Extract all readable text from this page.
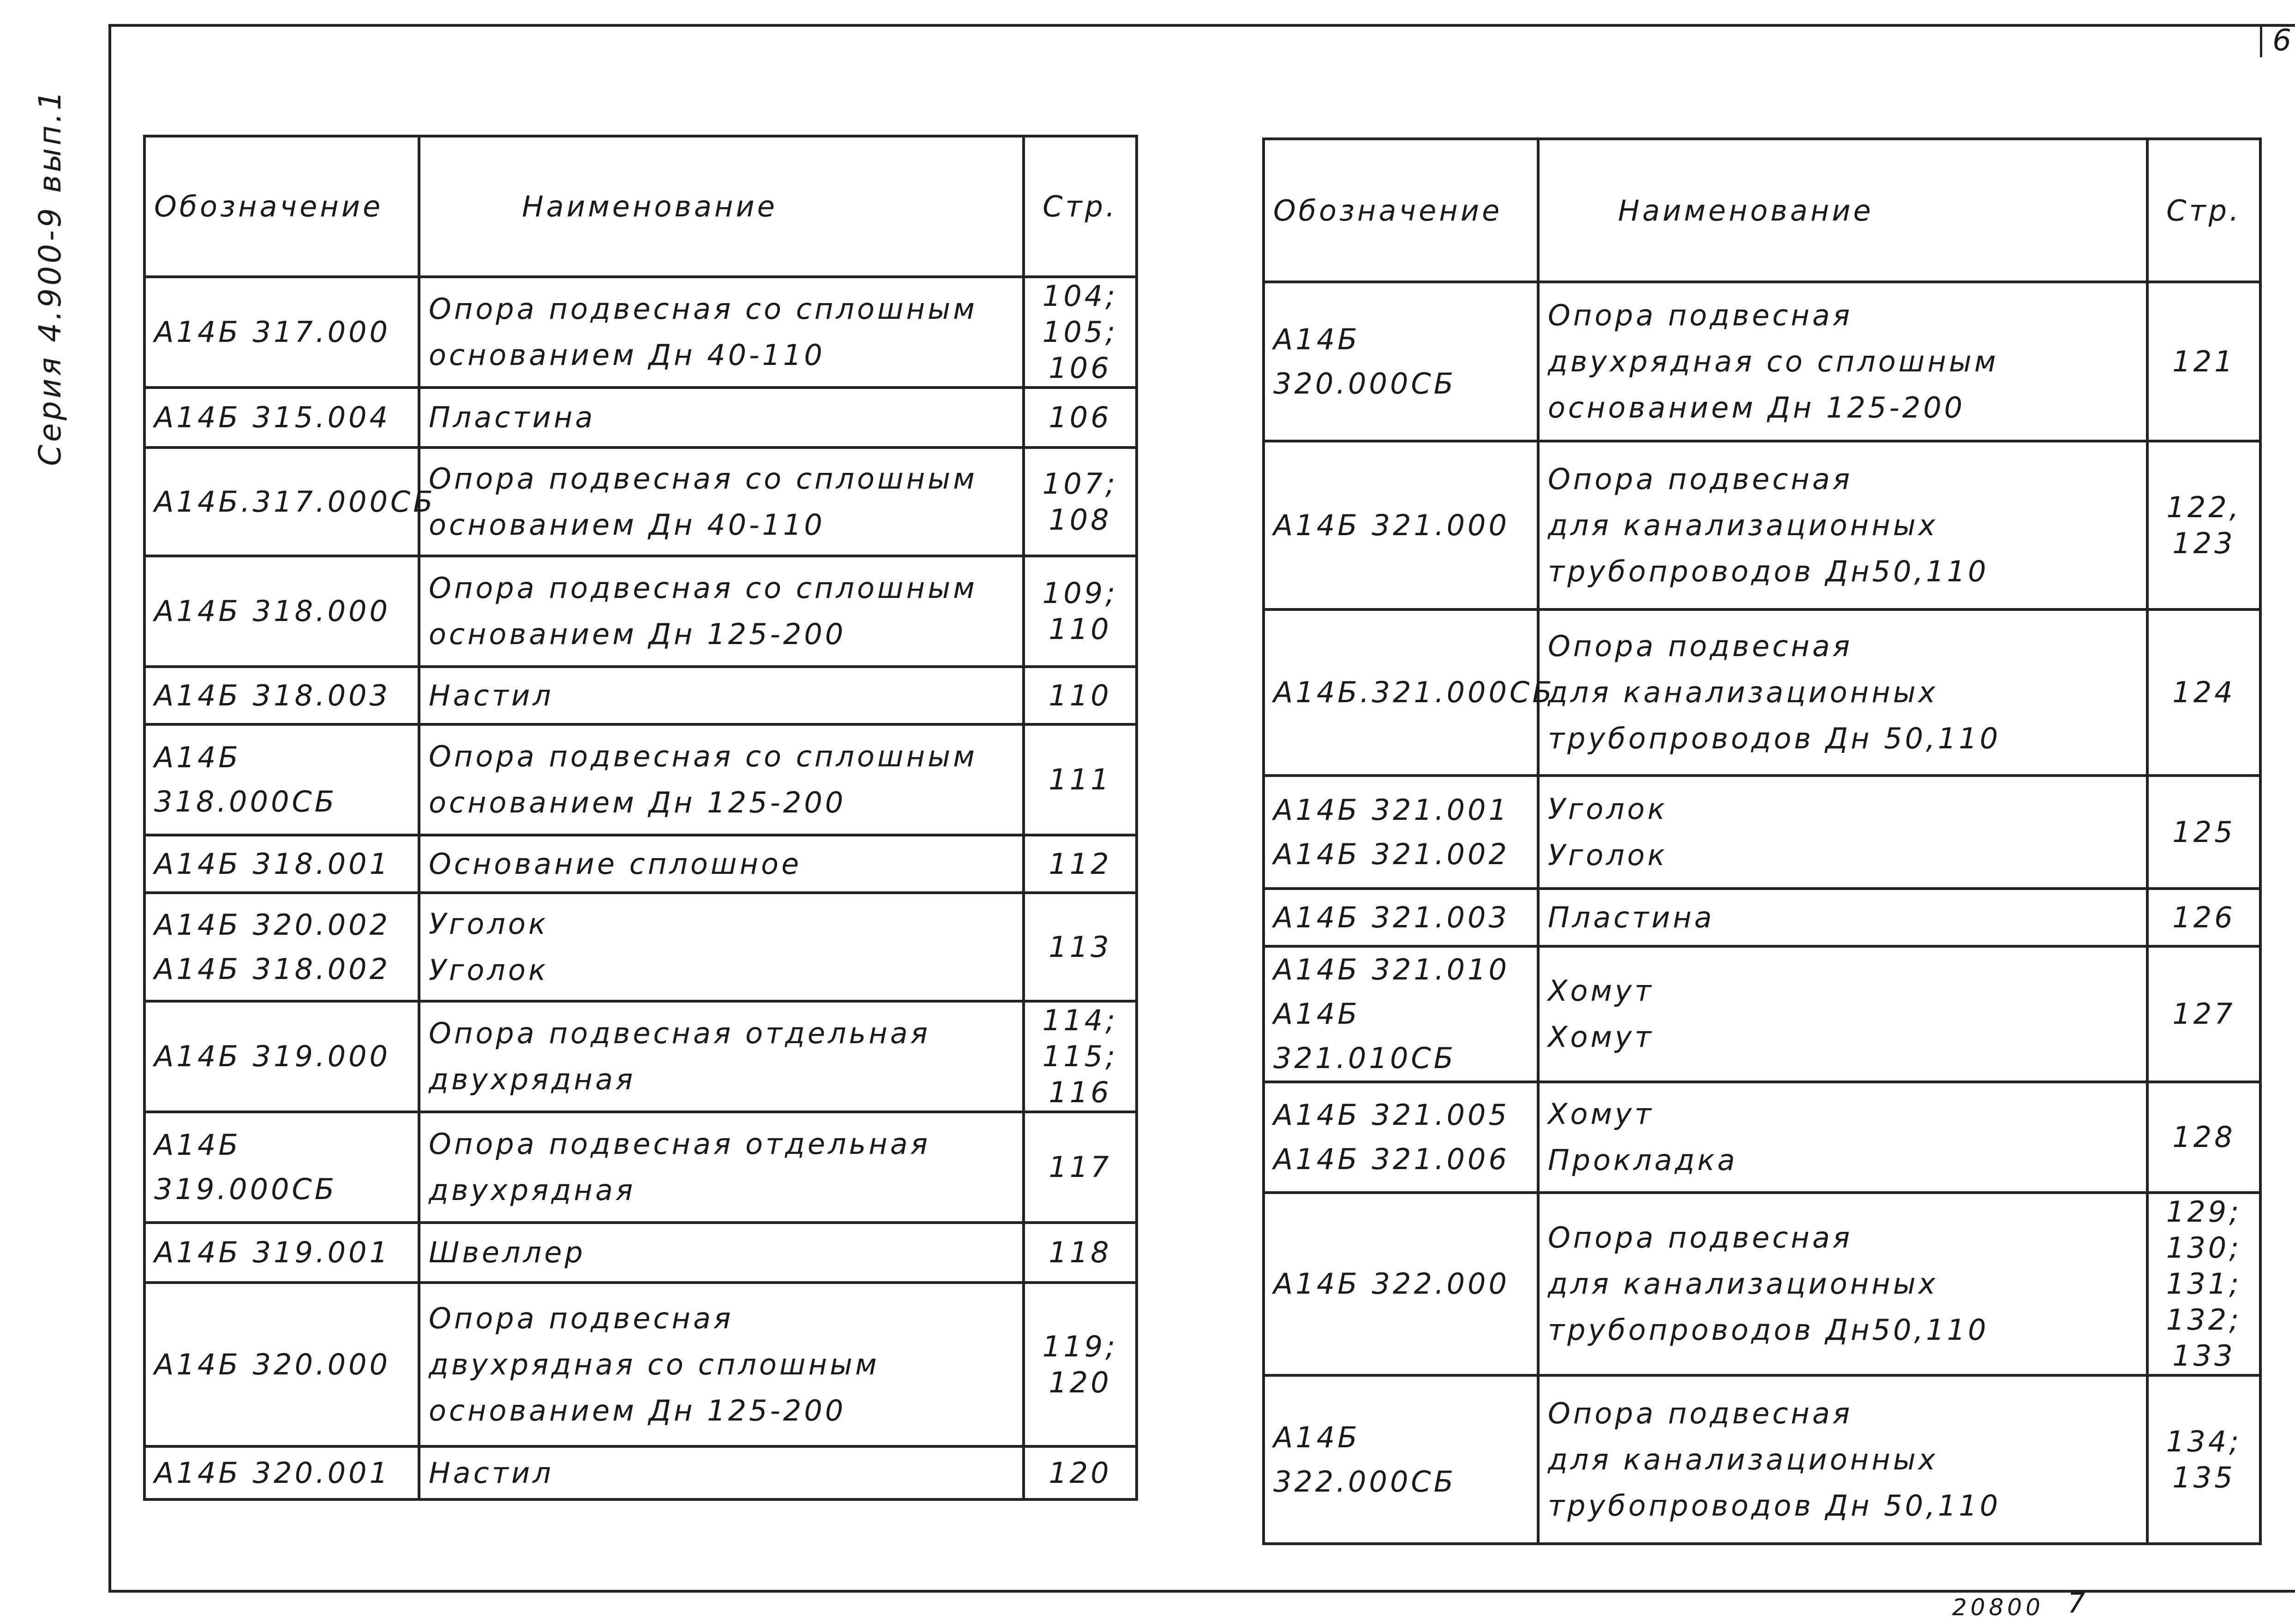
6
Серия 4.900-9 вып.1	Обозначение	Наименование	Стр.

А14Б 317.000	Опора подвесная со сплошным
основанием Дн 40-110	104;
105;
106

А14Б 315.004	Пластина	106

А14Б.317.000СБ	Опора подвесная со сплошным
основанием Дн 40-110	107;
108

А14Б 318.000	Опора подвесная со сплошным
основанием Дн 125-200	109;
110

А14Б 318.003	Настил	110

А14Б 318.000СБ	Опора подвесная со сплошным
основанием Дн 125-200	111

А14Б 318.001	Основание сплошное	112

А14Б 320.002
А14Б 318.002	Уголок
Уголок	113

А14Б 319.000	Опора подвесная отдельная
двухрядная	114;
115;
116

А14Б 319.000СБ	Опора подвесная отдельная
двухрядная	117

А14Б 319.001	Швеллер	118

А14Б 320.000	Опора подвесная
двухрядная со сплошным
основанием Дн 125-200	119;
120

А14Б 320.001	Настил	120
Обозначение	Наименование	Стр.

А14Б 320.000СБ	Опора подвесная
двухрядная со сплошным
основанием Дн 125-200	121

А14Б 321.000	Опора подвесная
для канализационных
трубопроводов Дн50,110	122,
123

А14Б.321.000СБ	Опора подвесная
для канализационных
трубопроводов Дн 50,110	124

А14Б 321.001
А14Б 321.002	Уголок
Уголок	125

А14Б 321.003	Пластина	126

А14Б 321.010
А14Б 321.010СБ	Хомут
Хомут	127

А14Б 321.005
А14Б 321.006	Хомут
Прокладка	128

А14Б 322.000	Опора подвесная
для канализационных
трубопроводов Дн50,110	129;
130;
131;
132;
133

А14Б 322.000СБ	Опора подвесная
для канализационных
трубопроводов Дн 50,110	134;
135
20800 7
